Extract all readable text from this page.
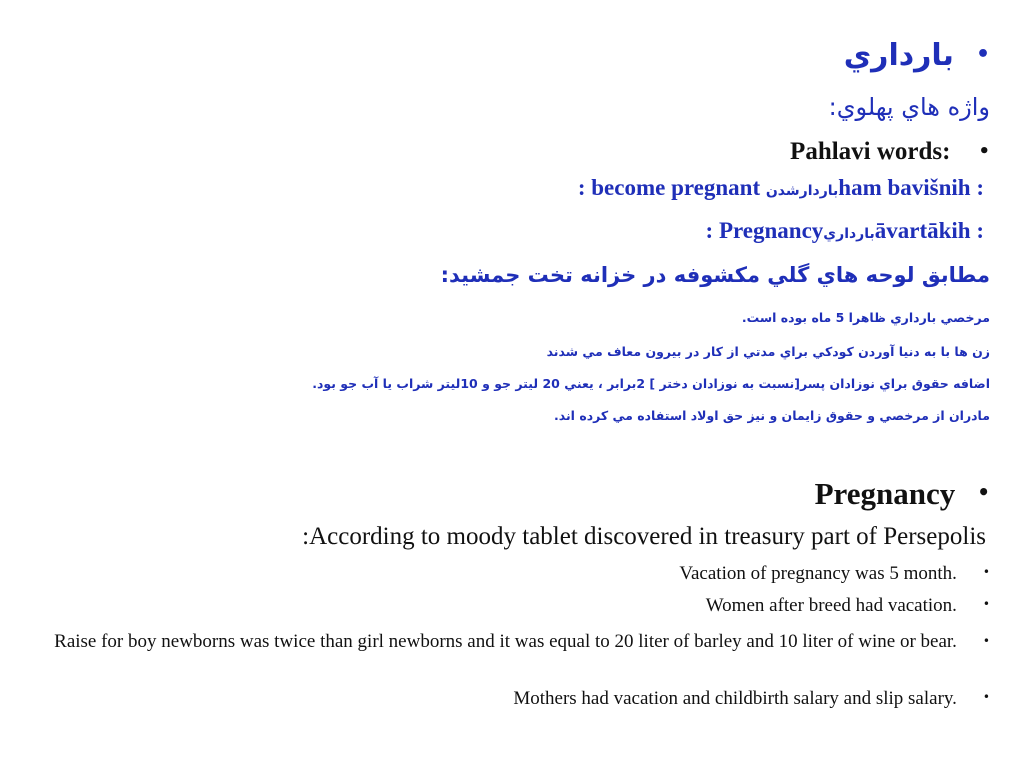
•بارداري
واژه هاي پهلوي:
Pahlavi words: •
: become pregnant باردارشدنham bavišnih :
: Pregnancyبارداريāvartākih :
مطابق لوحه هاي گلي مكشوفه در خزانه تخت جمشيد:
مرخصي بارداري ظاهرا 5 ماه بوده است.
زن ها با به دنيا آوردن كودكي براي مدتي از كار در بيرون معاف مي شدند
اضافه حقوق براي نوزادان پسر[نسبت به نوزادان دختر ] 2برابر ، يعني 20 ليتر جو و 10ليتر شراب يا آب جو بود.
مادران از مرخصي و حقوق زايمان و نيز حق اولاد استفاده مي كرده اند.
Pregnancy •
:According to moody tablet discovered in treasury part of Persepolis
Vacation of pregnancy was 5 month. •
Women after breed had vacation. •
Raise for boy newborns was twice than girl newborns and it was equal to 20 liter of barley and 10 liter of wine or bear. •
Mothers had vacation and childbirth salary and slip salary. •
